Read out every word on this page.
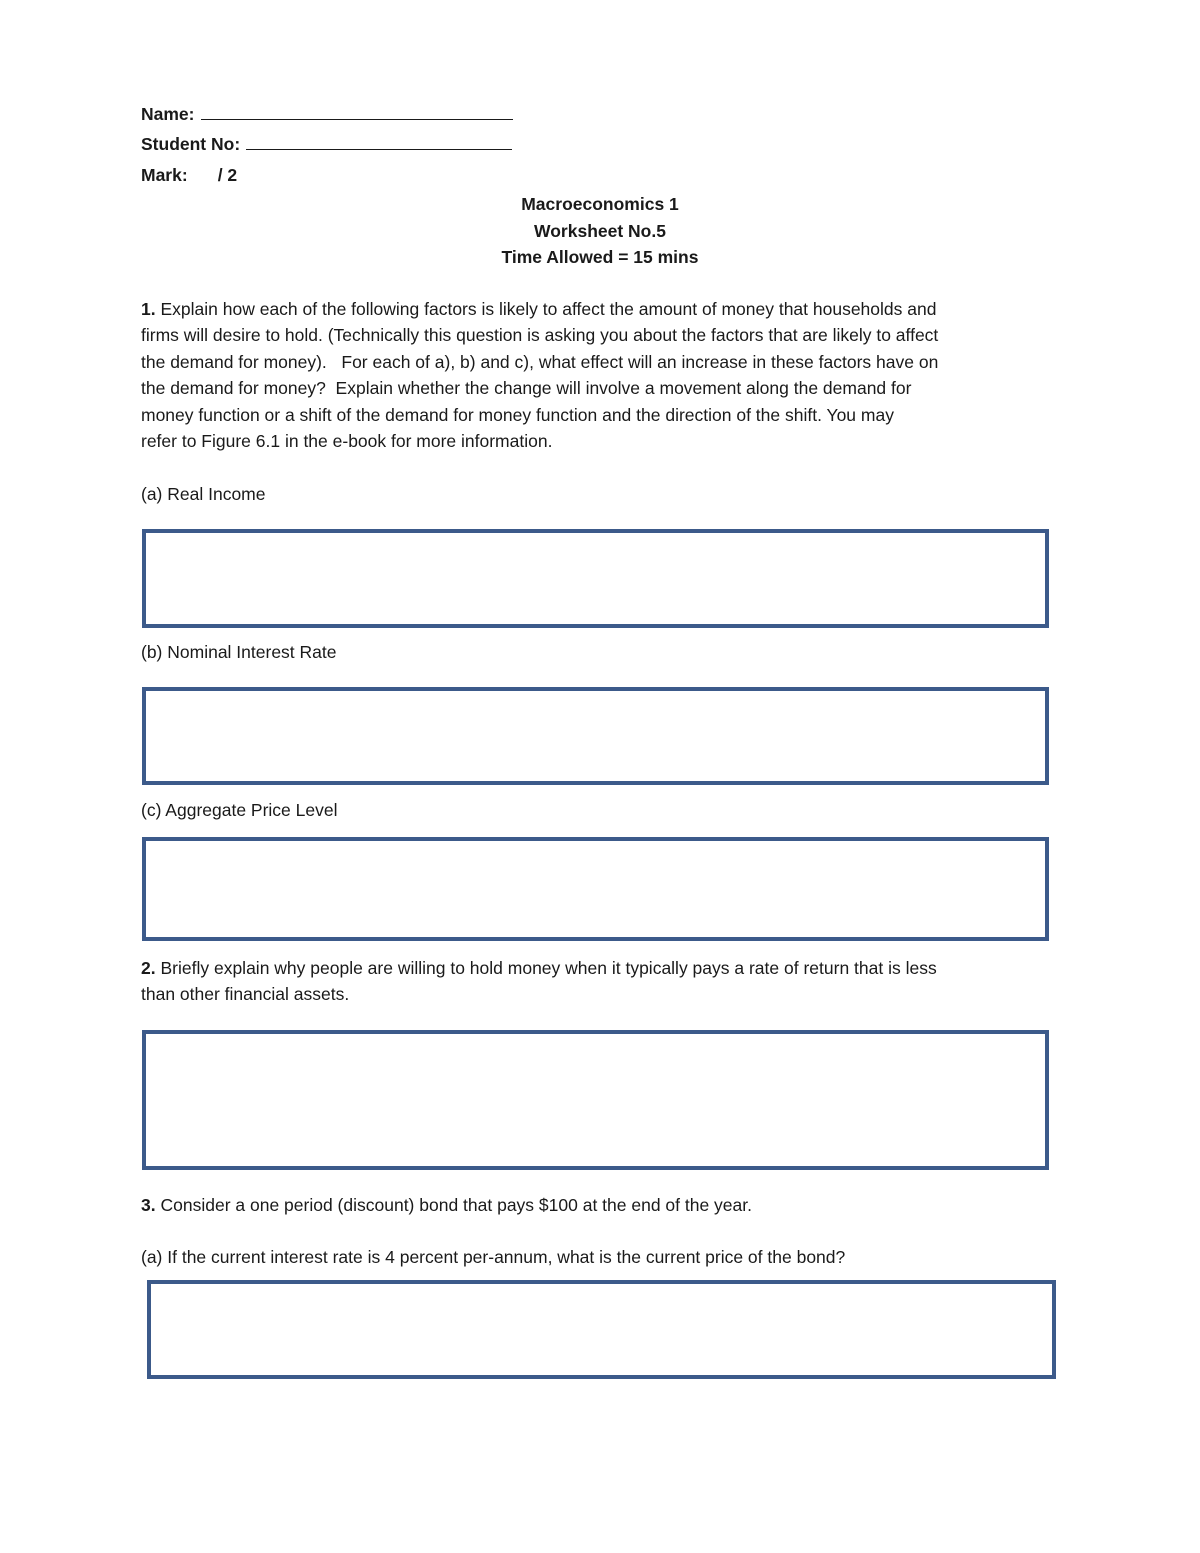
Name:
Student No:
Mark: / 2
Macroeconomics 1
Worksheet No.5
Time Allowed = 15 mins

1. Explain how each of the following factors is likely to affect the amount of money that households and

firms will desire to hold. (Technically this question is asking you about the factors that are likely to affect

the demand for money).   For each of a), b) and c), what effect will an increase in these factors have on

the demand for money?  Explain whether the change will involve a movement along the demand for

money function or a shift of the demand for money function and the direction of the shift. You may

refer to Figure 6.1 in the e-book for more information.

(a) Real Income
(b) Nominal Interest Rate
(c) Aggregate Price Level

2. Briefly explain why people are willing to hold money when it typically pays a rate of return that is less

than other financial assets.

3. Consider a one period (discount) bond that pays $100 at the end of the year.
(a) If the current interest rate is 4 percent per-annum, what is the current price of the bond?
